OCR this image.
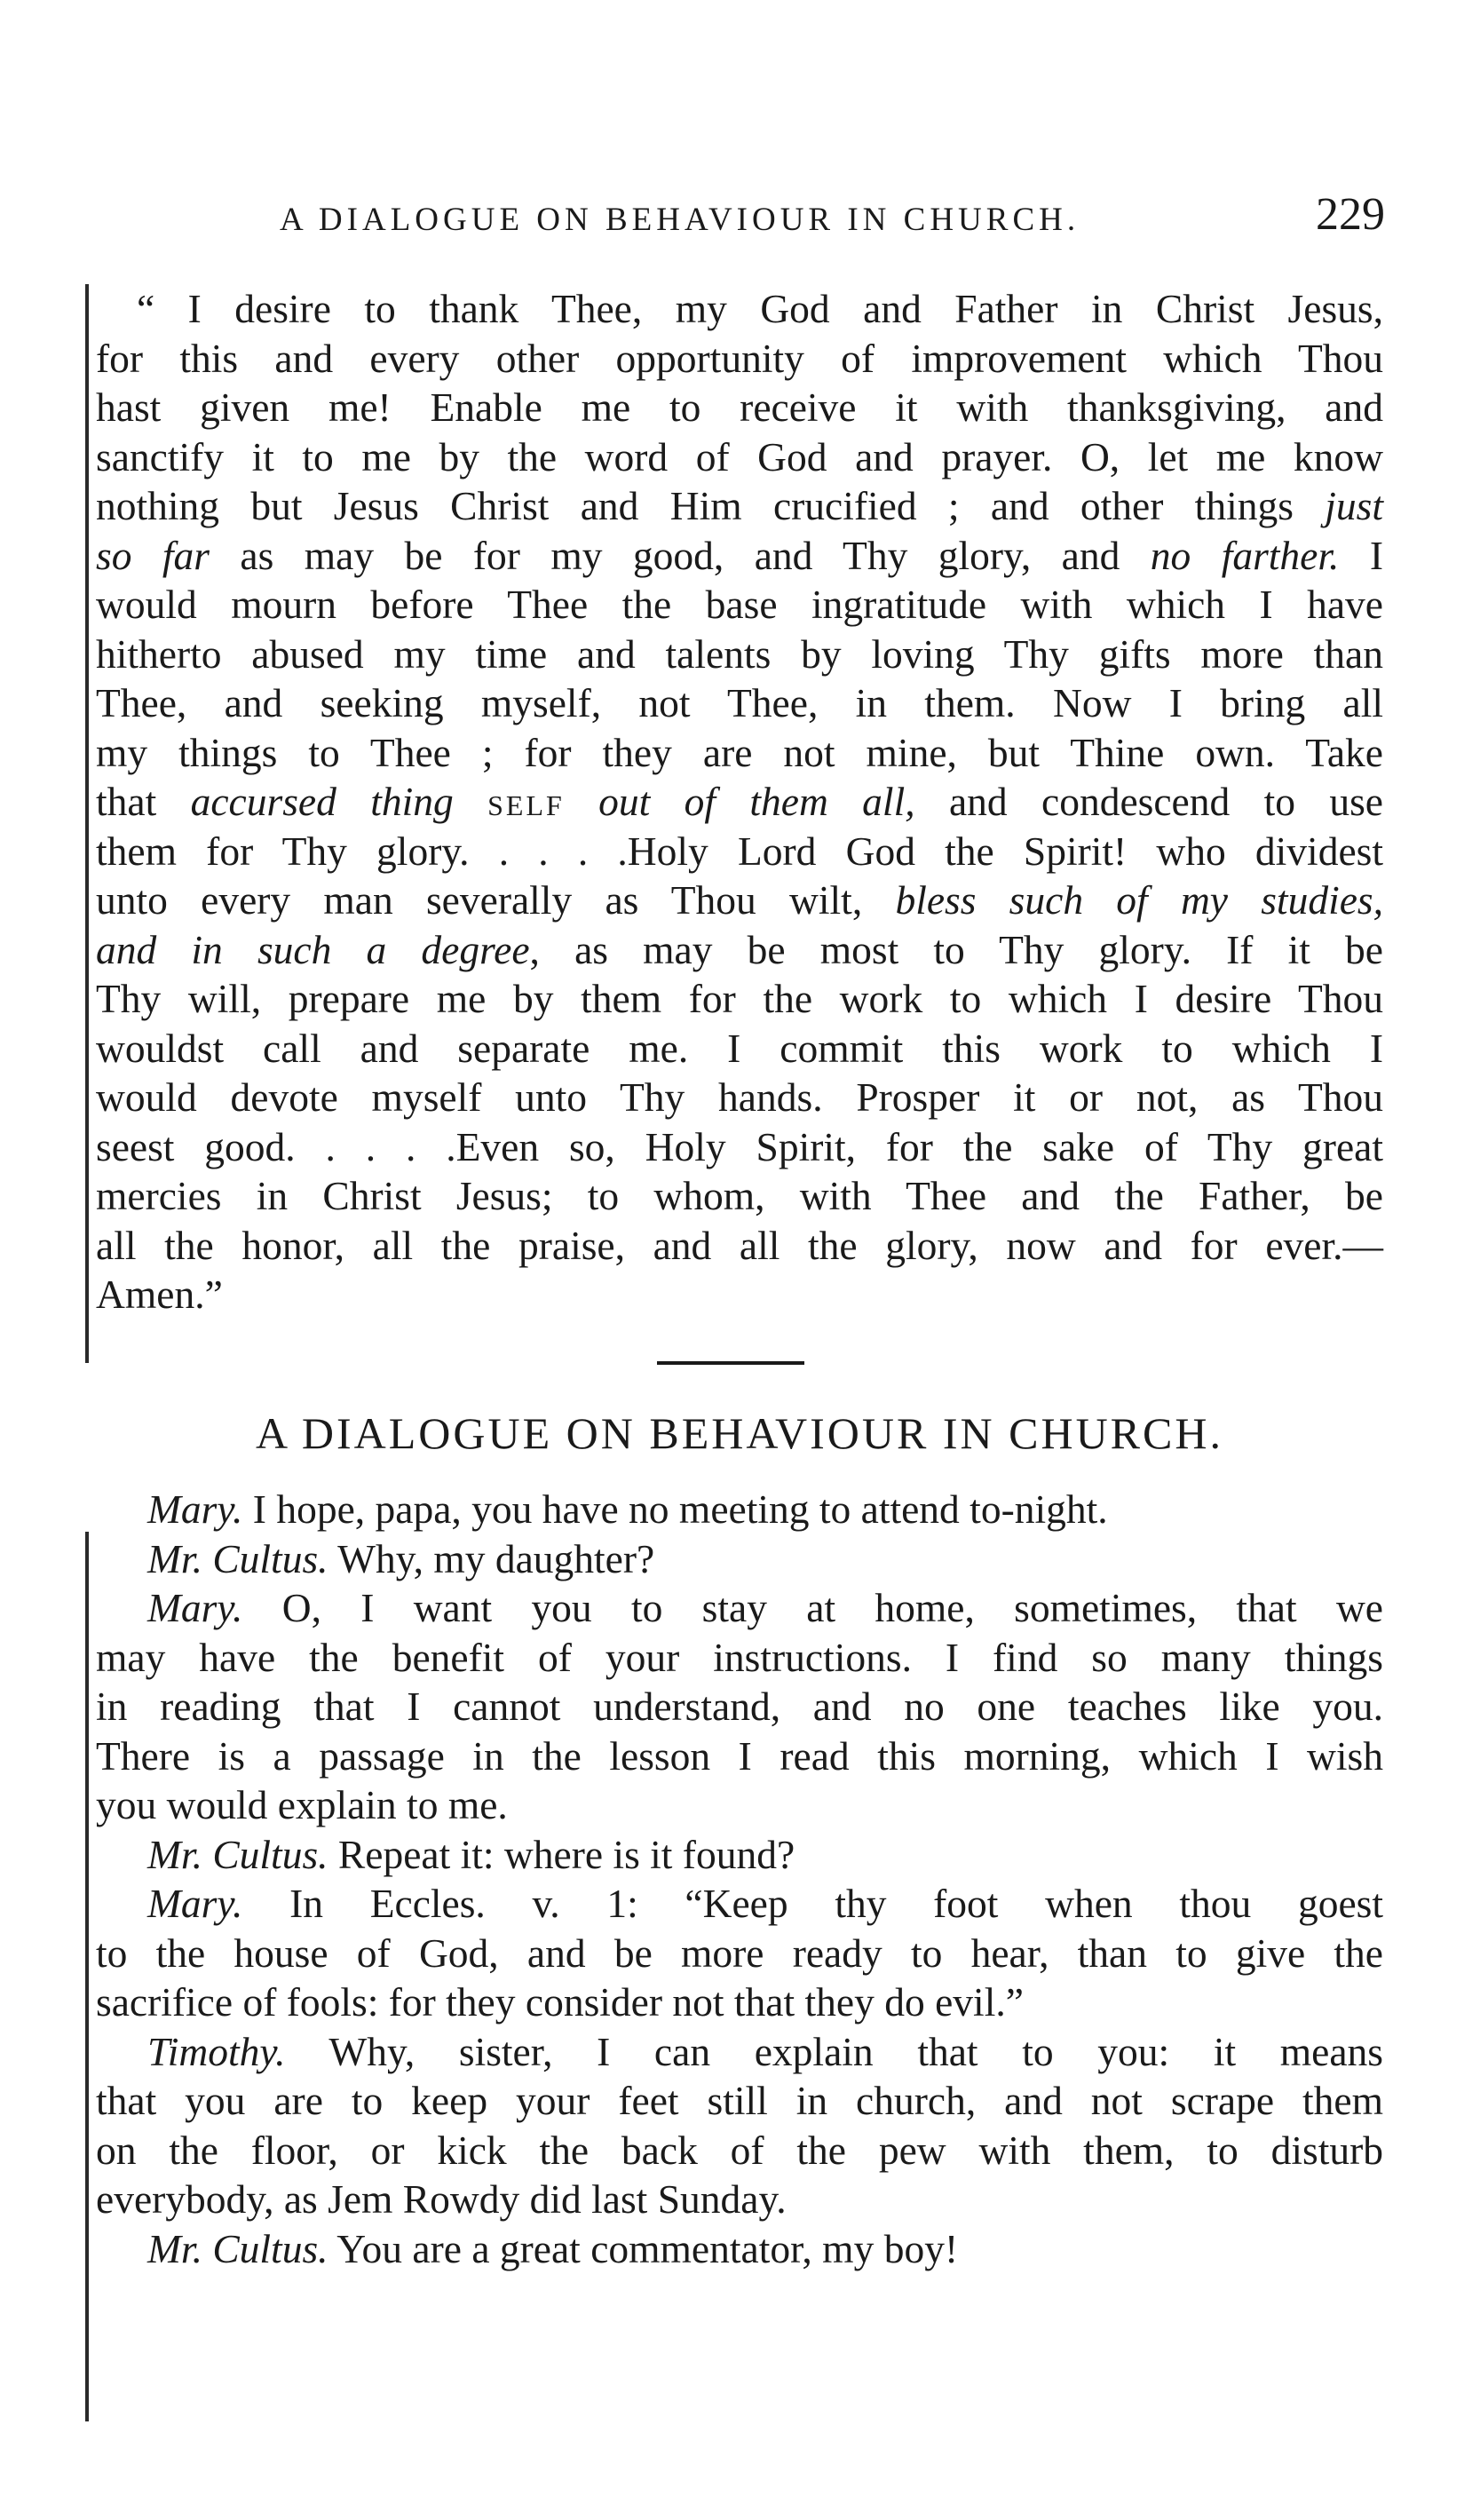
A DIALOGUE ON BEHAVIOUR IN CHURCH.	229
“ I desire to thank Thee, my God and Father in Christ Jesus,
for this and every other opportunity of improvement which Thou
hast given me! Enable me to receive it with thanksgiving, and
sanctify it to me by the word of God and prayer. O, let me know
nothing but Jesus Christ and Him crucified ; and other things just
so far as may be for my good, and Thy glory, and no farther. I
would mourn before Thee the base ingratitude with which I have
hitherto abused my time and talents by loving Thy gifts more than
Thee, and seeking myself, not Thee, in them. Now I bring all
my things to Thee ; for they are not mine, but Thine own. Take
that accursed thing self out of them all, and condescend to use
them for Thy glory. . . . .Holy Lord God the Spirit! who dividest
unto every man severally as Thou wilt, bless such of my studies,
and in such a degree, as may be most to Thy glory. If it be
Thy will, prepare me by them for the work to which I desire Thou
wouldst call and separate me. I commit this work to which I
would devote myself unto Thy hands. Prosper it or not, as Thou
seest good. . . . .Even so, Holy Spirit, for the sake of Thy great
mercies in Christ Jesus; to whom, with Thee and the Father, be
all the honor, all the praise, and all the glory, now and for ever.—
Amen.”
A DIALOGUE ON BEHAVIOUR IN CHURCH.
Mary. I hope, papa, you have no meeting to attend to-night.
Mr. Cultus. Why, my daughter?
Mary. O, I want you to stay at home, sometimes, that we
may have the benefit of your instructions. I find so many things
in reading that I cannot understand, and no one teaches like you.
There is a passage in the lesson I read this morning, which I wish
you would explain to me.
Mr. Cultus. Repeat it: where is it found?
Mary. In Eccles. v. 1: “Keep thy foot when thou goest
to the house of God, and be more ready to hear, than to give the
sacrifice of fools: for they consider not that they do evil.”
Timothy. Why, sister, I can explain that to you: it means
that you are to keep your feet still in church, and not scrape them
on the floor, or kick the back of the pew with them, to disturb
everybody, as Jem Rowdy did last Sunday.
Mr. Cultus. You are a great commentator, my boy!
